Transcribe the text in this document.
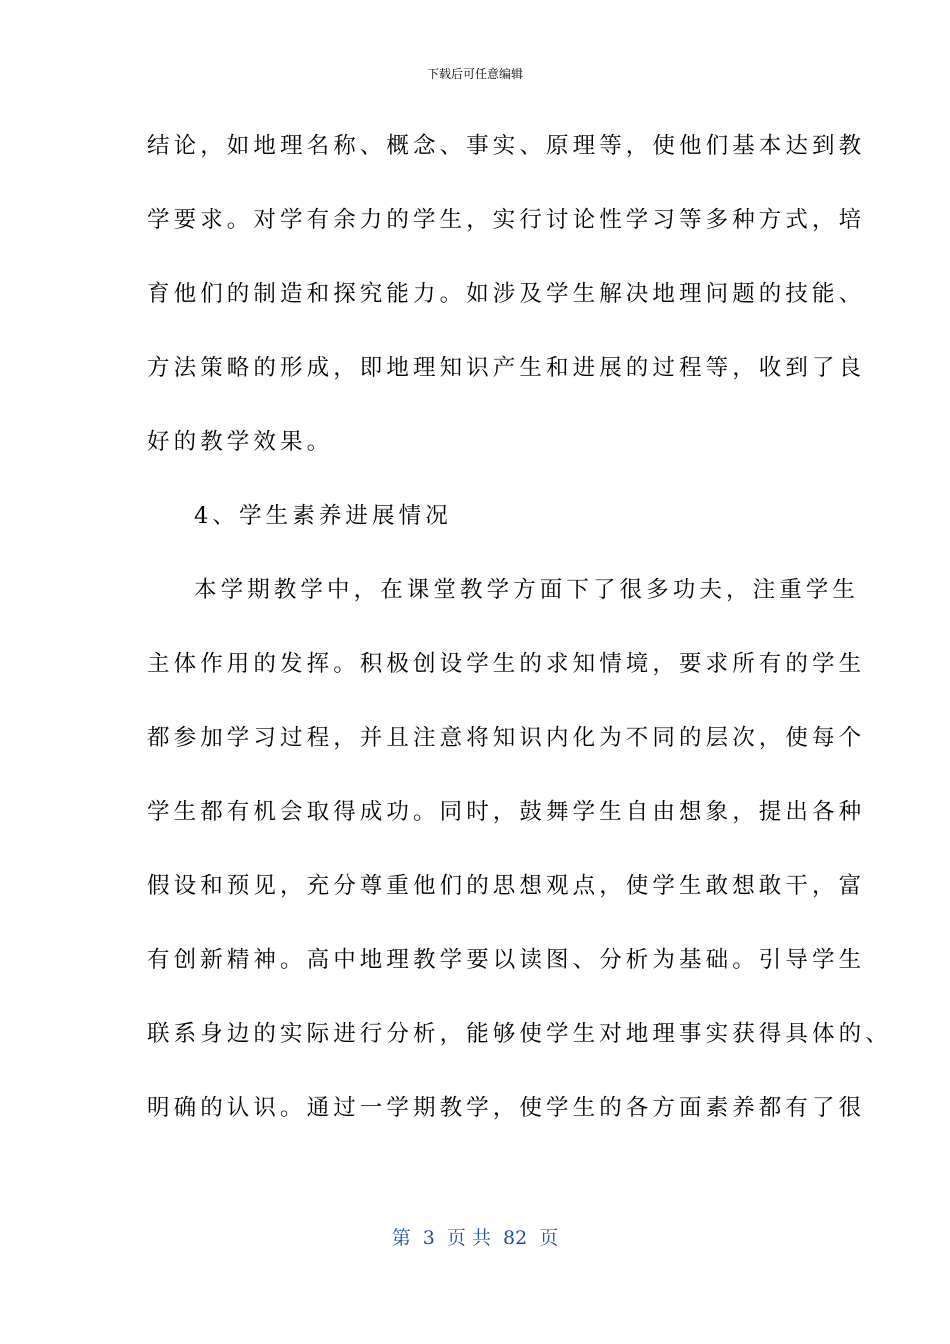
下载后可任意编辑
结论，如地理名称、概念、事实、原理等，使他们基本达到教
学要求。对学有余力的学生，实行讨论性学习等多种方式，培
育他们的制造和探究能力。如涉及学生解决地理问题的技能、
方法策略的形成，即地理知识产生和进展的过程等，收到了良
好的教学效果。
4、学生素养进展情况
本学期教学中，在课堂教学方面下了很多功夫，注重学生
主体作用的发挥。积极创设学生的求知情境，要求所有的学生
都参加学习过程，并且注意将知识内化为不同的层次，使每个
学生都有机会取得成功。同时，鼓舞学生自由想象，提出各种
假设和预见，充分尊重他们的思想观点，使学生敢想敢干，富
有创新精神。高中地理教学要以读图、分析为基础。引导学生
联系身边的实际进行分析，能够使学生对地理事实获得具体的、
明确的认识。通过一学期教学，使学生的各方面素养都有了很
第 3 页 共 82 页
